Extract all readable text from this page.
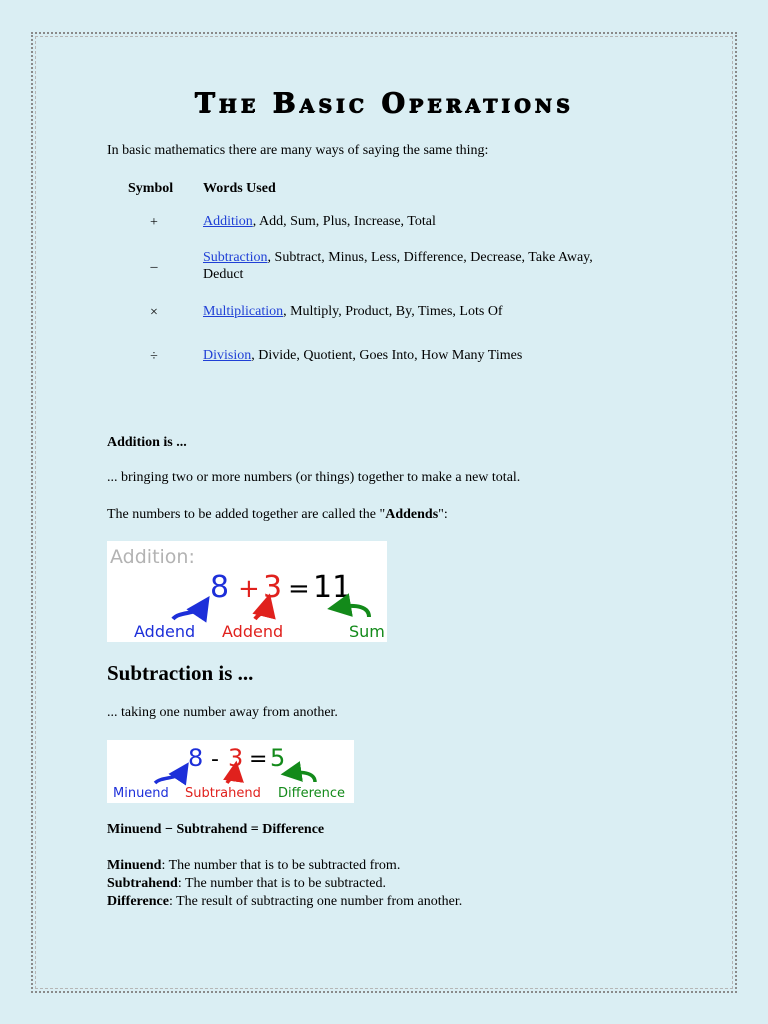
The Basic Operations
In basic mathematics there are many ways of saying the same thing:
Symbol Words Used
+	Addition, Add, Sum, Plus, Increase, Total
_	Subtraction, Subtract, Minus, Less, Difference, Decrease, Take Away, Deduct
×	Multiplication, Multiply, Product, By, Times, Lots Of
÷	Division, Divide, Quotient, Goes Into, How Many Times
Addition is ...
... bringing two or more numbers (or things) together to make a new total.
The numbers to be added together are called the "Addends":
Addition:
8 + 3 = 11
Addend Addend	Sum
Subtraction is ...
... taking one number away from another.
8 - 3 = 5
Minuend Subtrahend Difference
Minuend − Subtrahend = Difference
Minuend: The number that is to be subtracted from.
Subtrahend: The number that is to be subtracted.
Difference: The result of subtracting one number from another.
